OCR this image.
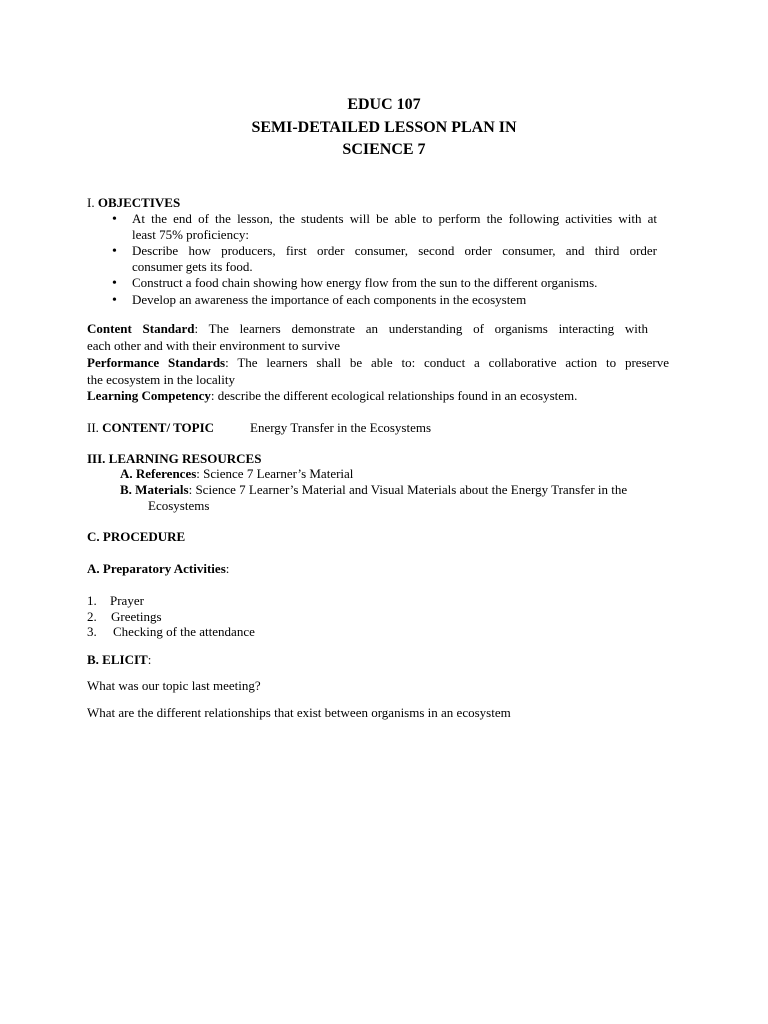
EDUC 107
SEMI-DETAILED LESSON PLAN IN
SCIENCE 7
I. OBJECTIVES
•
At the end of the lesson, the students will be able to perform the following activities with at
least 75% proficiency:
•
Describe how producers, first order consumer, second order consumer, and third order
consumer gets its food.
•
Construct a food chain showing how energy flow from the sun to the different organisms.
•
Develop an awareness the importance of each components in the ecosystem
Content Standard: The learners demonstrate an understanding of organisms interacting with
each other and with their environment to survive
Performance Standards: The learners shall be able to: conduct a collaborative action to preserve
the ecosystem in the locality
Learning Competency: describe the different ecological relationships found in an ecosystem.
II. CONTENT/ TOPIC	Energy Transfer in the Ecosystems
III. LEARNING RESOURCES
A. References: Science 7 Learner’s Material
B. Materials: Science 7 Learner’s Material and Visual Materials about the Energy Transfer in the
Ecosystems
C. PROCEDURE
A. Preparatory Activities:
1. Prayer
2. Greetings
3. Checking of the attendance
B. ELICIT:
What was our topic last meeting?
What are the different relationships that exist between organisms in an ecosystem
